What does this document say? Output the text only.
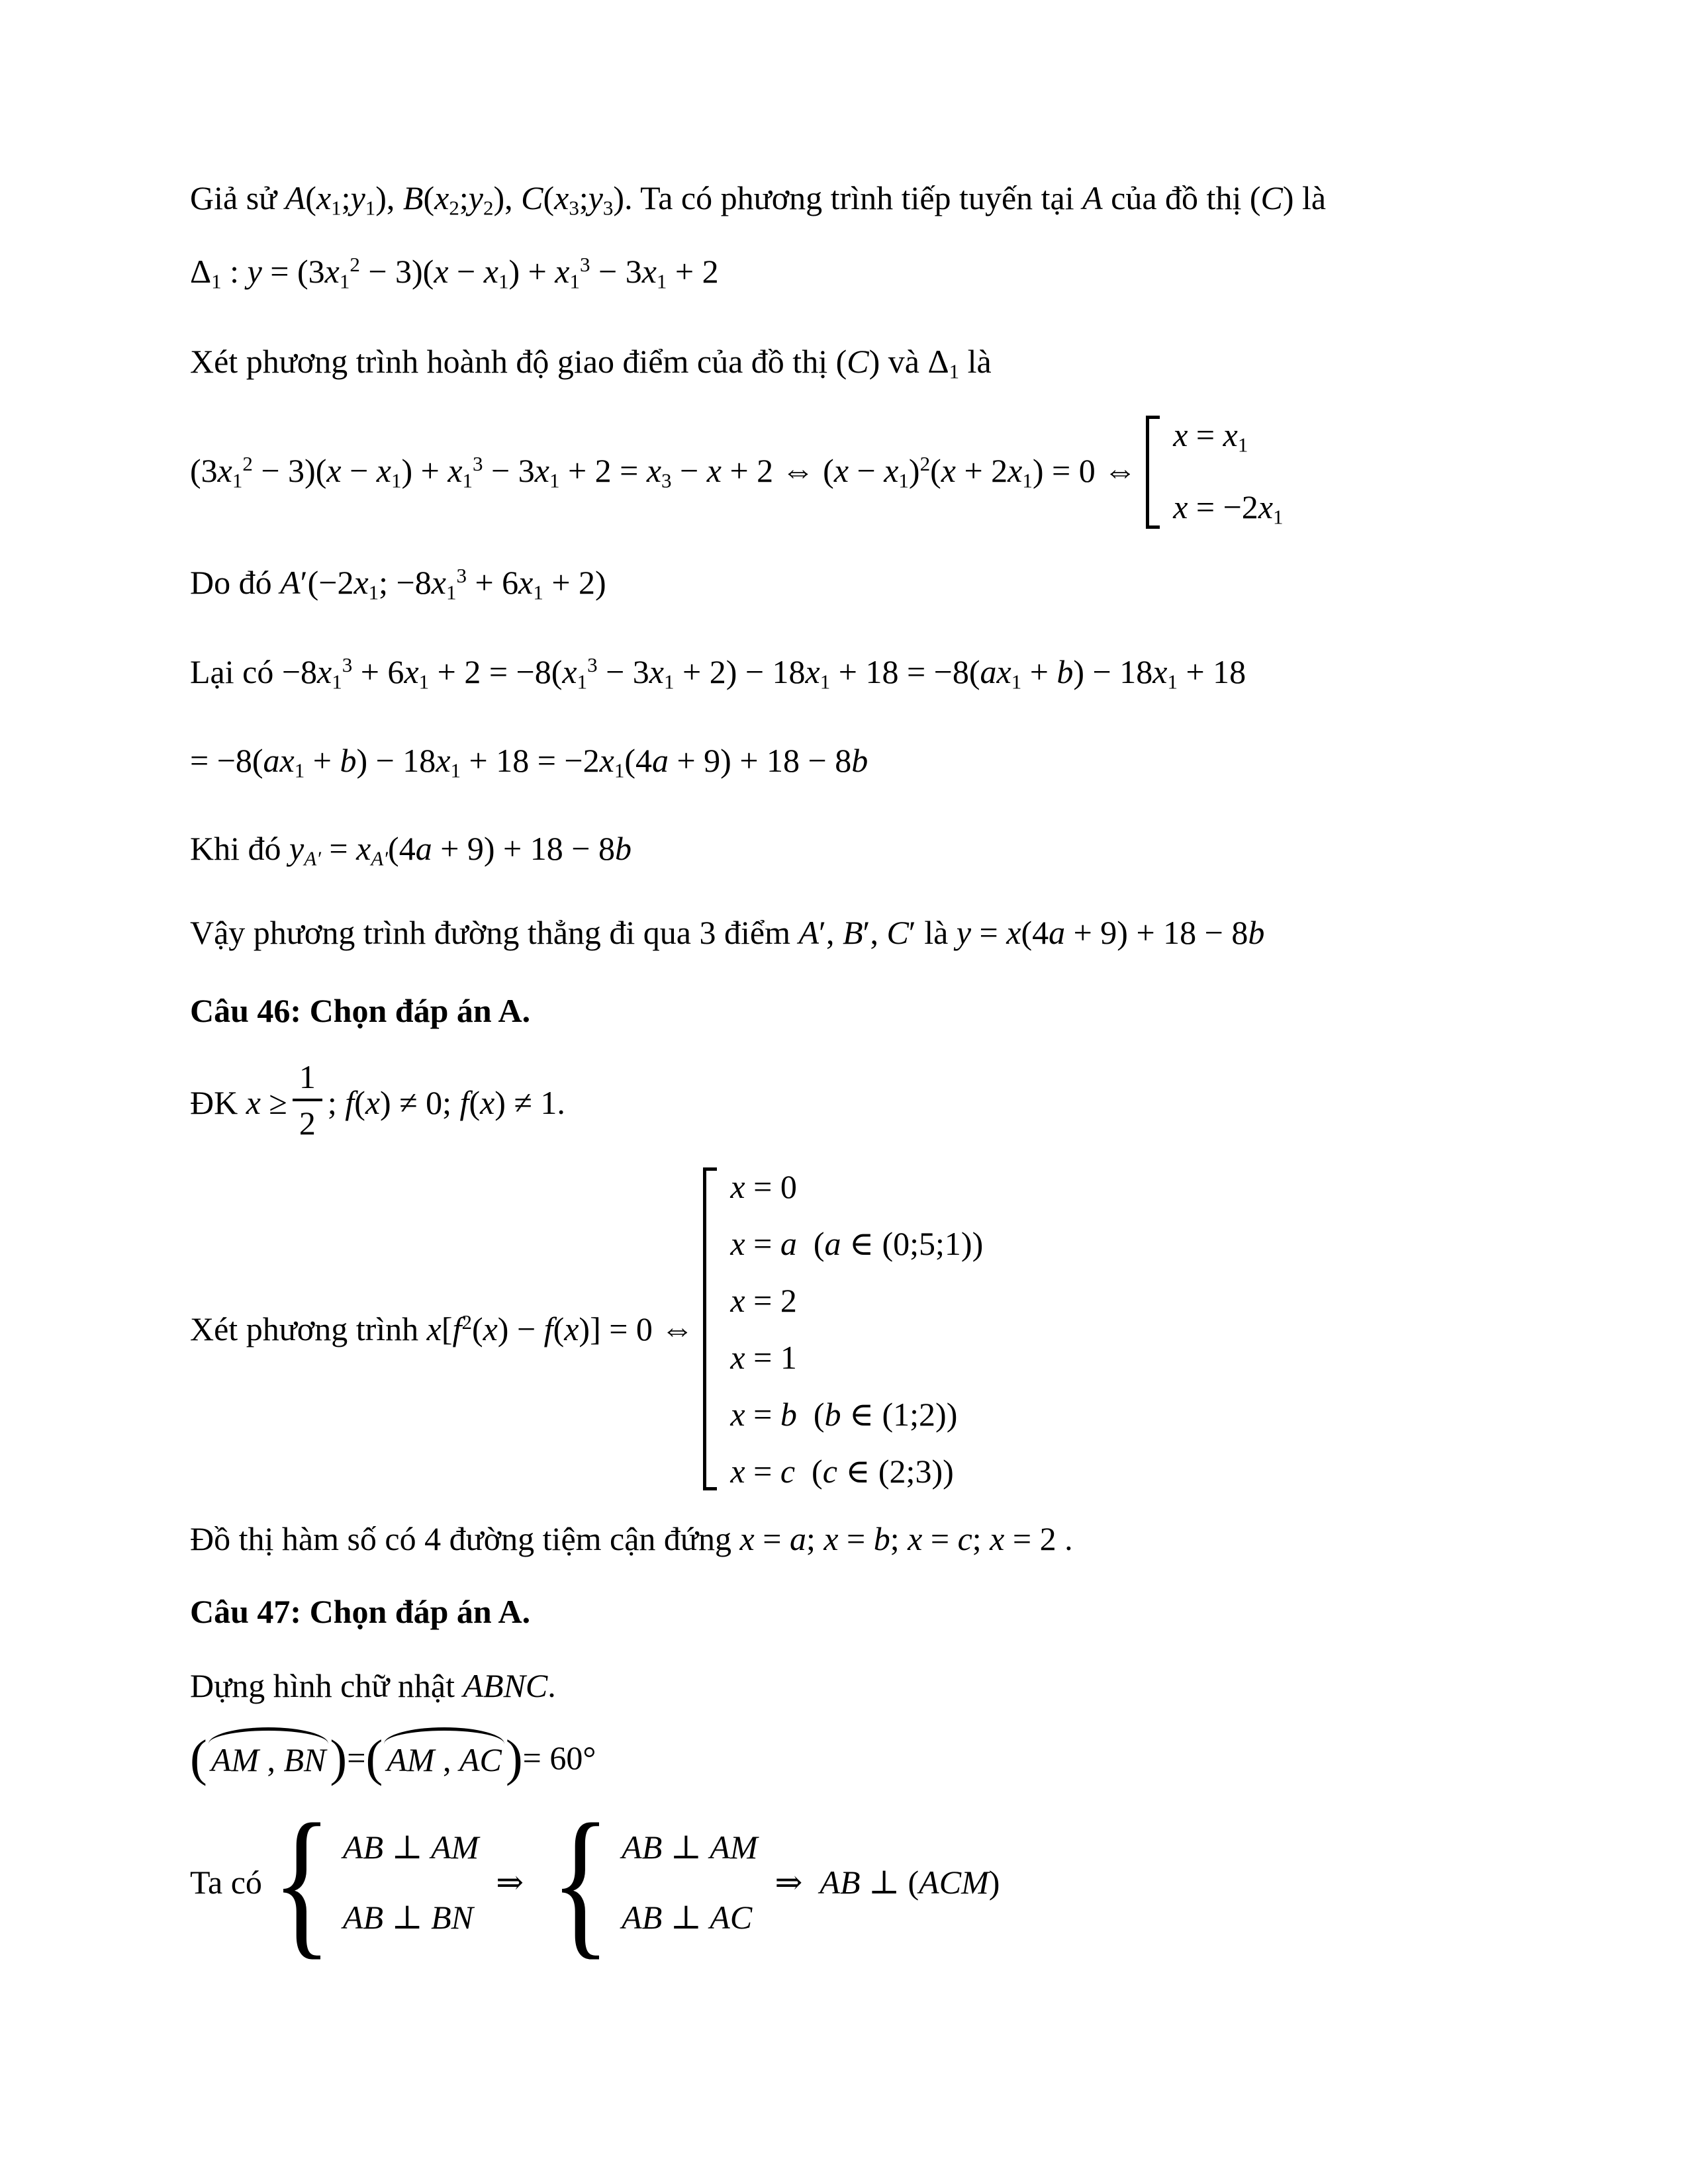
Giả sử A(x1;y1), B(x2;y2), C(x3;y3). Ta có phương trình tiếp tuyến tại A của đồ thị (C) là

Δ1 : $y = (3x1^2 - 3)(x - x1) + x1^3 - 3x1 + 2$

Xét phương trình hoành độ giao điểm của đồ thị (C) và Δ1 là

$(3x1^2 - 3)(x - x1) + x1^3 - 3x1 + 2 = x3 - x + 2$ ⇔ $(x - x1)^2(x + 2x1) = 0$ ⇔
x = x1
x = −2x1

Do đó A′(−2x1; $-8x1^3 + 6x1 + 2$)

Lại có $-8x1^3 + 6x1 + 2 = -8(x1^3 - 3x1 + 2) - 18x1 + 18 = -8(ax1 + b) - 18x1 + 18$

= −8(ax1 + b) − 18x1 + 18 = −2x1(4a + 9) + 18 − 8b

Khi đó yA′ = xA′(4a + 9) + 18 − 8b

Vậy phương trình đường thẳng đi qua 3 điểm A′, B′, C′ là y = x(4a + 9) + 18 − 8b

Câu 46: Chọn đáp án A.

ĐK $x \ge \frac{1}{2}$ ; f(x) ≠ 0; f(x) ≠ 1.
Xét phương trình $x[f^2(x) - f(x)] = 0$ ⇔
x = 0
x = a  (a ∈ (0;5;1))
x = 2
x = 1
x = b  (b ∈ (1;2))
x = c  (c ∈ (2;3))

Đồ thị hàm số có 4 đường tiệm cận đứng x = a; x = b; x = c; x = 2 .

Câu 47: Chọn đáp án A.

Dựng hình chữ nhật ABNC.

( AM , BN ) = ( AM , AC ) = 60°
Ta có { AB ⊥ AM
AB ⊥ BN
⇒ { AB ⊥ AM
AB ⊥ AC
⇒ AB ⊥ (ACM)
